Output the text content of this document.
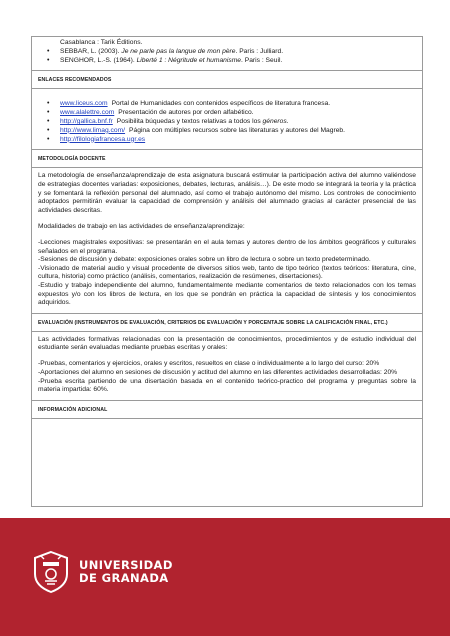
Casablanca : Tarik Éditions.
• SEBBAR, L. (2003). Je ne parle pas la langue de mon père. Paris : Julliard.
• SENGHOR, L.-S. (1964). Liberté 1 : Négritude et humanisme. Paris : Seuil.
ENLACES RECOMENDADOS
• www.liceus.com Portal de Humanidades con contenidos específicos de literatura francesa.
• www.alalettre.com Presentación de autores por orden alfabético.
• http://gallica.bnf.fr Posibilita búquedas y textos relativas a todos los géneros.
• http://www.limag.com/ Página con múltiples recursos sobre las literaturas y autores del Magreb.
• http://filologiafrancesa.ugr.es
METODOLOGÍA DOCENTE
La metodología de enseñanza/aprendizaje de esta asignatura buscará estimular la participación activa del alumno valiéndose de estrategias docentes variadas: exposiciones, debates, lecturas, análisis…). De este modo se integrará la teoría y la práctica y se fomentará la reflexión personal del alumnado, así como el trabajo autónomo del mismo. Los controles de conocimiento adoptados permitirán evaluar la capacidad de comprensión y análisis del alumnado gracias al carácter presencial de las actividades descritas.
Modalidades de trabajo en las actividades de enseñanza/aprendizaje:
-Lecciones magistrales expositivas: se presentarán en el aula temas y autores dentro de los ámbitos geográficos y culturales señalados en el programa.
-Sesiones de discusión y debate: exposiciones orales sobre un libro de lectura o sobre un texto predeterminado.
-Visionado de material audio y visual procedente de diversos sitios web, tanto de tipo teórico (textos teóricos: literatura, cine, cultura, historia) como práctico (análisis, comentarios, realización de resúmenes, disertaciones).
-Estudio y trabajo independiente del alumno, fundamentalmente mediante comentarios de texto relacionados con los temas expuestos y/o con los libros de lectura, en los que se pondrán en práctica la capacidad de síntesis y los conocimientos adquiridos.
EVALUACIÓN (INSTRUMENTOS DE EVALUACIÓN, CRITERIOS DE EVALUACIÓN Y PORCENTAJE SOBRE LA CALIFICACIÓN FINAL, ETC.)
Las actividades formativas relacionadas con la presentación de conocimientos, procedimientos y de estudio individual del estudiante serán evaluadas mediante pruebas escritas y orales:
-Pruebas, comentarios y ejercicios, orales y escritos, resueltos en clase o individualmente a lo largo del curso: 20%
-Aportaciones del alumno en sesiones de discusión y actitud del alumno en las diferentes actividades desarrolladas: 20%
-Prueba escrita partiendo de una disertación basada en el contenido teórico-practico del programa y preguntas sobre la materia impartida: 60%.
INFORMACIÓN ADICIONAL
UNIVERSIDAD
DE GRANADA
